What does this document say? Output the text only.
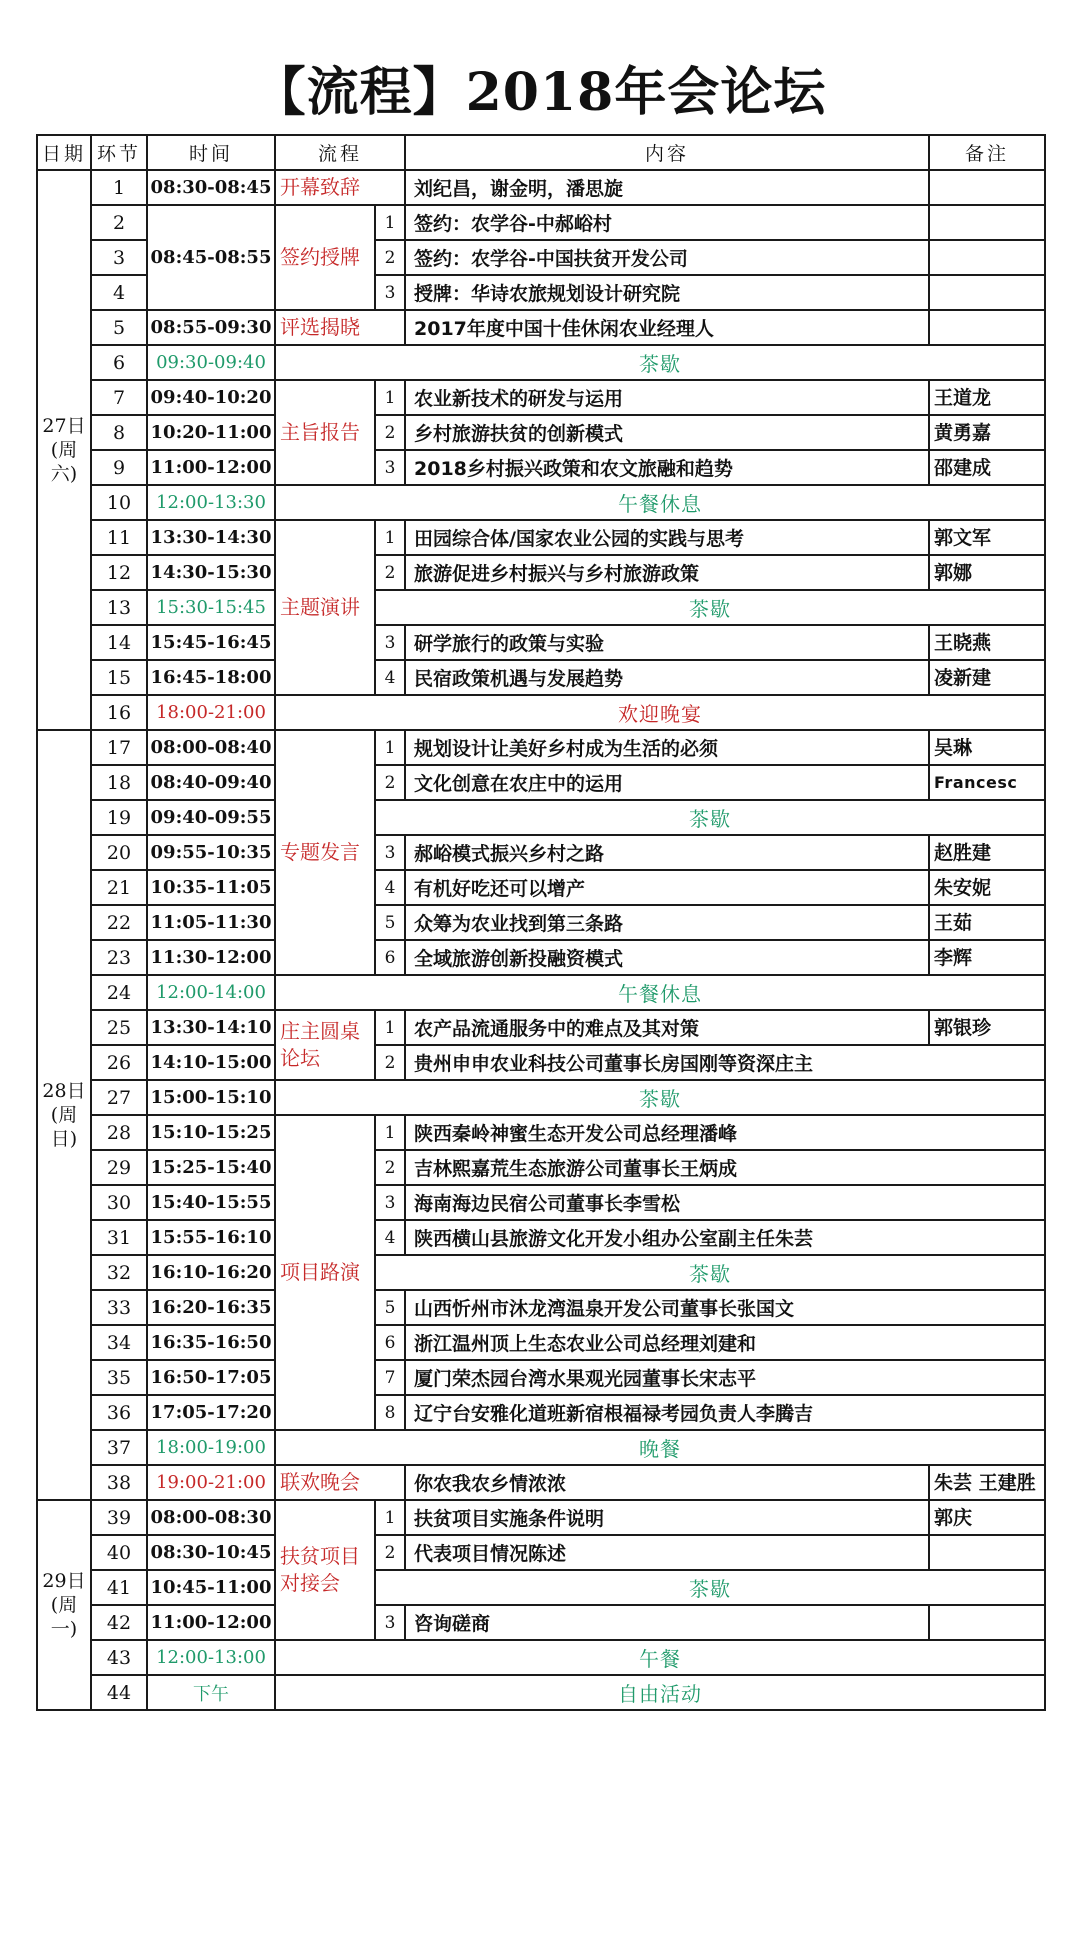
【流程】2018年会论坛
日期	环节	时间	流程		内容	备注
27日(周六)	1	08:30-08:45	开幕致辞		刘纪昌，谢金明，潘思旋	
	2	08:45-08:55	签约授牌	1	签约：农学谷-中郝峪村	
	3			2	签约：农学谷-中国扶贫开发公司	
	4			3	授牌：华诗农旅规划设计研究院	
	5	08:55-09:30	评选揭晓		2017年度中国十佳休闲农业经理人	
	6	09:30-09:40	茶歇			
	7	09:40-10:20	主旨报告	1	农业新技术的研发与运用	王道龙
	8	10:20-11:00		2	乡村旅游扶贫的创新模式	黄勇嘉
	9	11:00-12:00		3	2018乡村振兴政策和农文旅融和趋势	邵建成
	10	12:00-13:30	午餐休息			
	11	13:30-14:30	主题演讲	1	田园综合体/国家农业公园的实践与思考	郭文军
	12	14:30-15:30		2	旅游促进乡村振兴与乡村旅游政策	郭娜
	13	15:30-15:45		茶歇		
	14	15:45-16:45		3	研学旅行的政策与实验	王晓燕
	15	16:45-18:00		4	民宿政策机遇与发展趋势	凌新建
	16	18:00-21:00	欢迎晚宴			
28日(周日)	17	08:00-08:40	专题发言	1	规划设计让美好乡村成为生活的必须	吴琳
	18	08:40-09:40		2	文化创意在农庄中的运用	Francesc
	19	09:40-09:55		茶歇		
	20	09:55-10:35		3	郝峪模式振兴乡村之路	赵胜建
	21	10:35-11:05		4	有机好吃还可以增产	朱安妮
	22	11:05-11:30		5	众筹为农业找到第三条路	王茹
	23	11:30-12:00		6	全域旅游创新投融资模式	李辉
	24	12:00-14:00	午餐休息			
	25	13:30-14:10	庄主圆桌论坛	1	农产品流通服务中的难点及其对策	郭银珍
	26	14:10-15:00		2	贵州申申农业科技公司董事长房国刚等资深庄主	
	27	15:00-15:10	茶歇			
	28	15:10-15:25	项目路演	1	陕西秦岭神蜜生态开发公司总经理潘峰	
	29	15:25-15:40		2	吉林熙嘉荒生态旅游公司董事长王炳成	
	30	15:40-15:55		3	海南海边民宿公司董事长李雪松	
	31	15:55-16:10		4	陕西横山县旅游文化开发小组办公室副主任朱芸	
	32	16:10-16:20		茶歇		
	33	16:20-16:35		5	山西忻州市沐龙湾温泉开发公司董事长张国文	
	34	16:35-16:50		6	浙江温州顶上生态农业公司总经理刘建和	
	35	16:50-17:05		7	厦门荣杰园台湾水果观光园董事长宋志平	
	36	17:05-17:20		8	辽宁台安雅化道班新宿根福禄考园负责人李腾吉	
	37	18:00-19:00	晚餐			
	38	19:00-21:00	联欢晚会		你农我农乡情浓浓	朱芸 王建胜
29日(周一)	39	08:00-08:30	扶贫项目对接会	1	扶贫项目实施条件说明	郭庆
	40	08:30-10:45		2	代表项目情况陈述	
	41	10:45-11:00		茶歇		
	42	11:00-12:00		3	咨询磋商	
	43	12:00-13:00	午餐			
	44	下午	自由活动			
